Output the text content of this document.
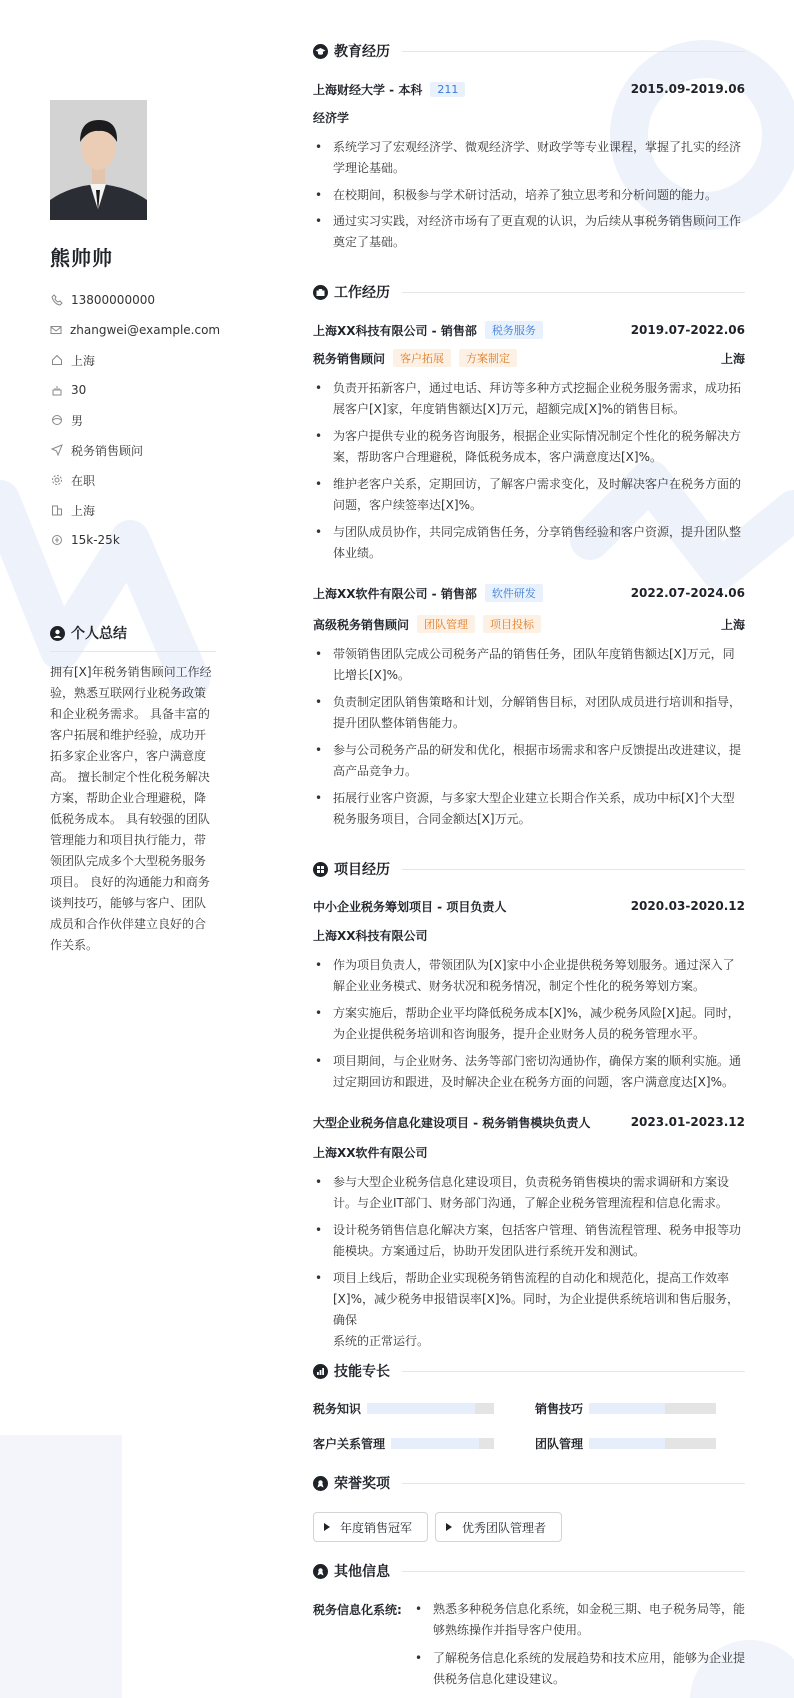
熊帅帅
13800000000
zhangwei@example.com
上海
30
男
税务销售顾问
在职
上海
15k-25k
个人总结
拥有[X]年税务销售顾问工作经
验，熟悉互联网行业税务政策
和企业税务需求。 具备丰富的
客户拓展和维护经验，成功开
拓多家企业客户，客户满意度
高。 擅长制定个性化税务解决
方案，帮助企业合理避税，降
低税务成本。 具有较强的团队
管理能力和项目执行能力，带
领团队完成多个大型税务服务
项目。 良好的沟通能力和商务
谈判技巧，能够与客户、团队
成员和合作伙伴建立良好的合
作关系。
教育经历
上海财经大学 - 本科	211	2015.09-2019.06
经济学
• 系统学习了宏观经济学、微观经济学、财政学等专业课程，掌握了扎实的经济
学理论基础。
• 在校期间，积极参与学术研讨活动，培养了独立思考和分析问题的能力。
• 通过实习实践，对经济市场有了更直观的认识，为后续从事税务销售顾问工作
奠定了基础。
工作经历
上海XX科技有限公司 - 销售部	税务服务	2019.07-2022.06
税务销售顾问	客户拓展	方案制定	上海
• 负责开拓新客户，通过电话、拜访等多种方式挖掘企业税务服务需求，成功拓
展客户[X]家，年度销售额达[X]万元，超额完成[X]%的销售目标。
• 为客户提供专业的税务咨询服务，根据企业实际情况制定个性化的税务解决方
案，帮助客户合理避税，降低税务成本，客户满意度达[X]%。
• 维护老客户关系，定期回访，了解客户需求变化，及时解决客户在税务方面的
问题，客户续签率达[X]%。
• 与团队成员协作，共同完成销售任务，分享销售经验和客户资源，提升团队整
体业绩。
上海XX软件有限公司 - 销售部	软件研发	2022.07-2024.06
高级税务销售顾问	团队管理	项目投标	上海
• 带领销售团队完成公司税务产品的销售任务，团队年度销售额达[X]万元，同
比增长[X]%。
• 负责制定团队销售策略和计划，分解销售目标，对团队成员进行培训和指导，
提升团队整体销售能力。
• 参与公司税务产品的研发和优化，根据市场需求和客户反馈提出改进建议，提
高产品竞争力。
• 拓展行业客户资源，与多家大型企业建立长期合作关系，成功中标[X]个大型
税务服务项目，合同金额达[X]万元。
项目经历
中小企业税务筹划项目 - 项目负责人	2020.03-2020.12
上海XX科技有限公司
• 作为项目负责人，带领团队为[X]家中小企业提供税务筹划服务。通过深入了
解企业业务模式、财务状况和税务情况，制定个性化的税务筹划方案。
• 方案实施后，帮助企业平均降低税务成本[X]%，减少税务风险[X]起。同时，
为企业提供税务培训和咨询服务，提升企业财务人员的税务管理水平。
• 项目期间，与企业财务、法务等部门密切沟通协作，确保方案的顺利实施。通
过定期回访和跟进，及时解决企业在税务方面的问题，客户满意度达[X]%。
大型企业税务信息化建设项目 - 税务销售模块负责人	2023.01-2023.12
上海XX软件有限公司
• 参与大型企业税务信息化建设项目，负责税务销售模块的需求调研和方案设
计。与企业IT部门、财务部门沟通，了解企业税务管理流程和信息化需求。
• 设计税务销售信息化解决方案，包括客户管理、销售流程管理、税务申报等功
能模块。方案通过后，协助开发团队进行系统开发和测试。
• 项目上线后，帮助企业实现税务销售流程的自动化和规范化，提高工作效率
[X]%，减少税务申报错误率[X]%。同时，为企业提供系统培训和售后服务，确保
系统的正常运行。
技能专长
税务知识	销售技巧
客户关系管理	团队管理
荣誉奖项
年度销售冠军	优秀团队管理者
其他信息
税务信息化系统:
•	熟悉多种税务信息化系统，如金税三期、电子税务局等，能
够熟练操作并指导客户使用。
• 了解税务信息化系统的发展趋势和技术应用，能够为企业提
供税务信息化建设建议。
